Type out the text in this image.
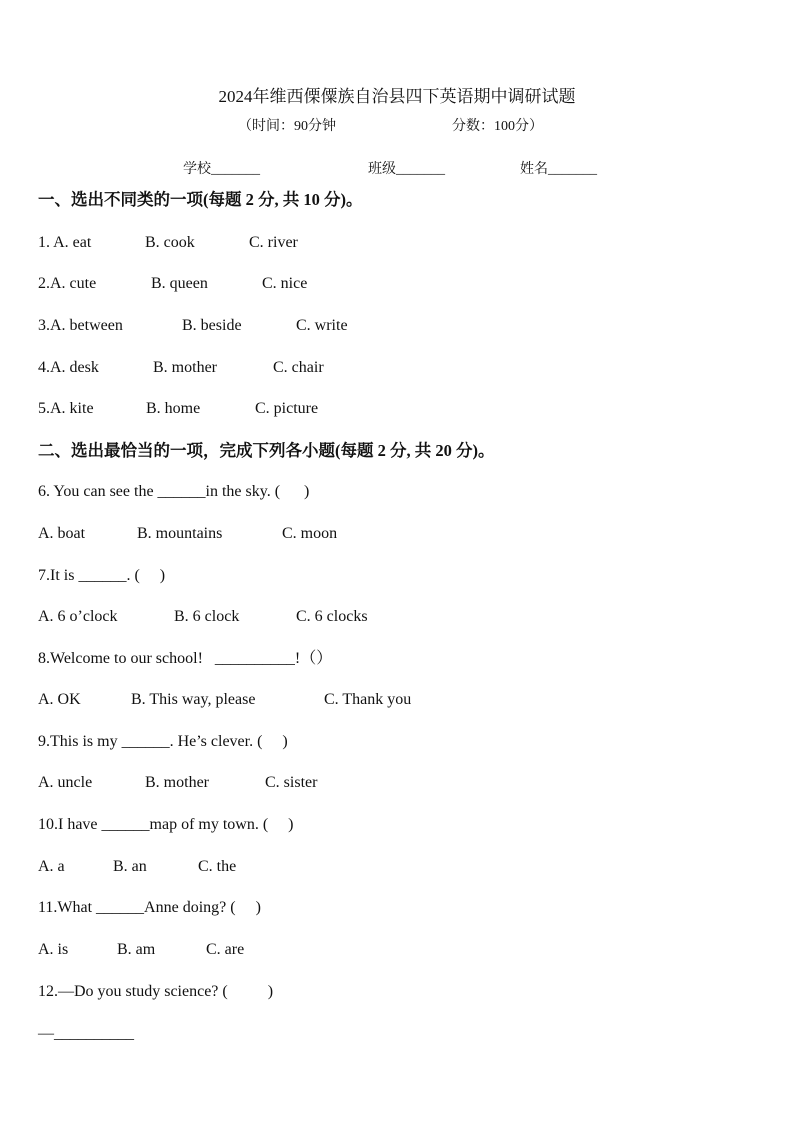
2024年维西傈僳族自治县四下英语期中调研试题
（时间：90分钟	分数：100分）
学校_______	班级_______	姓名_______
一、选出不同类的一项(每题 2 分, 共 10 分)。
1. A. eat	B. cook	C. river
2.A. cute	B. queen	C. nice
3.A. between	B. beside	C. write
4.A. desk	B. mother	C. chair
5.A. kite	B. home	C. picture
二、选出最恰当的一项，完成下列各小题(每题 2 分, 共 20 分)。
6. You can see the ______in the sky. (      )
A. boat	B. mountains	C. moon
7.It is ______. (     )
A. 6 o’clock	B. 6 clock	C. 6 clocks
8.Welcome to our school!   __________!（）
A. OK	B. This way, please	C. Thank you
9.This is my ______. He’s clever. (     )
A. uncle	B. mother	C. sister
10.I have ______map of my town. (     )
A. a	B. an	C. the
11.What ______Anne doing? (     )
A. is	B. am	C. are
12.—Do you study science? (          )
—__________
